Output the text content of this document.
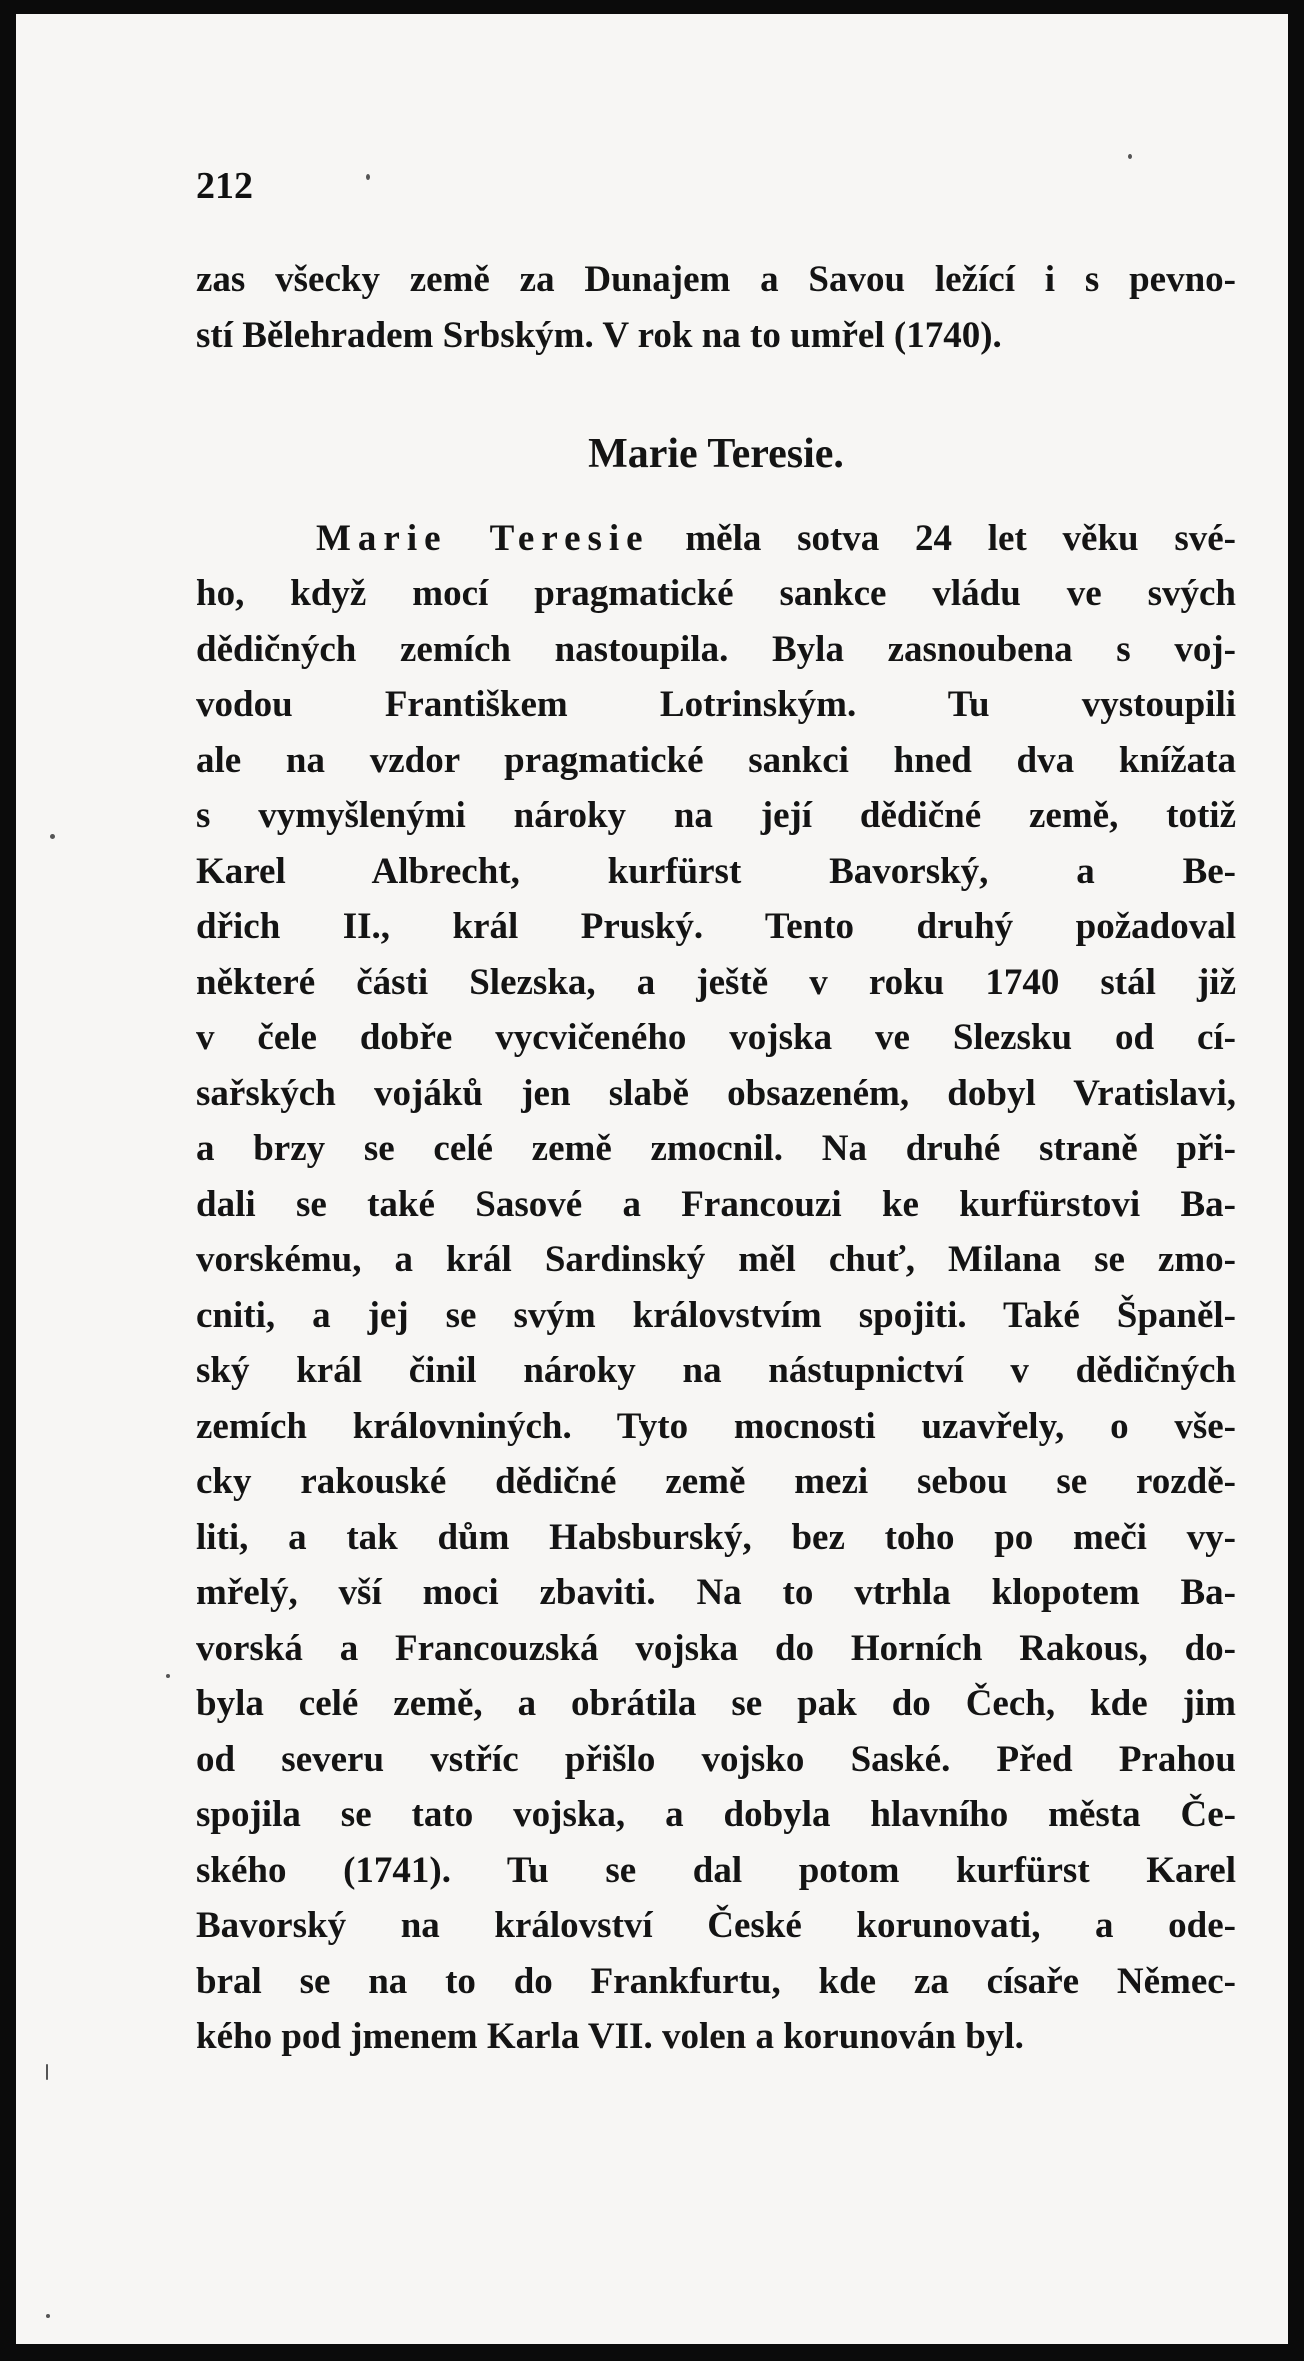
212
zas všecky země za Dunajem a Savou ležící i s pevno-
stí Bělehradem Srbským. V rok na to umřel (1740).
Marie Teresie.
Marie Teresie měla sotva 24 let věku své-
ho, když mocí pragmatické sankce vládu ve svých
dědičných zemích nastoupila. Byla zasnoubena s voj-
vodou Františkem Lotrinským. Tu vystoupili
ale na vzdor pragmatické sankci hned dva knížata
s vymyšlenými nároky na její dědičné země, totiž
Karel Albrecht, kurfürst Bavorský, a Be-
dřich II., král Pruský. Tento druhý požadoval
některé části Slezska, a ještě v roku 1740 stál již
v čele dobře vycvičeného vojska ve Slezsku od cí-
sařských vojáků jen slabě obsazeném, dobyl Vratislavi,
a brzy se celé země zmocnil. Na druhé straně při-
dali se také Sasové a Francouzi ke kurfürstovi Ba-
vorskému, a král Sardinský měl chuť, Milana se zmo-
cniti, a jej se svým královstvím spojiti. Také Španěl-
ský král činil nároky na nástupnictví v dědičných
zemích královniných. Tyto mocnosti uzavřely, o vše-
cky rakouské dědičné země mezi sebou se rozdě-
liti, a tak dům Habsburský, bez toho po meči vy-
mřelý, vší moci zbaviti. Na to vtrhla klopotem Ba-
vorská a Francouzská vojska do Horních Rakous, do-
byla celé země, a obrátila se pak do Čech, kde jim
od severu vstříc přišlo vojsko Saské. Před Prahou
spojila se tato vojska, a dobyla hlavního města Če-
ského (1741). Tu se dal potom kurfürst Karel
Bavorský na království České korunovati, a ode-
bral se na to do Frankfurtu, kde za císaře Němec-
kého pod jmenem Karla VII. volen a korunován byl.
